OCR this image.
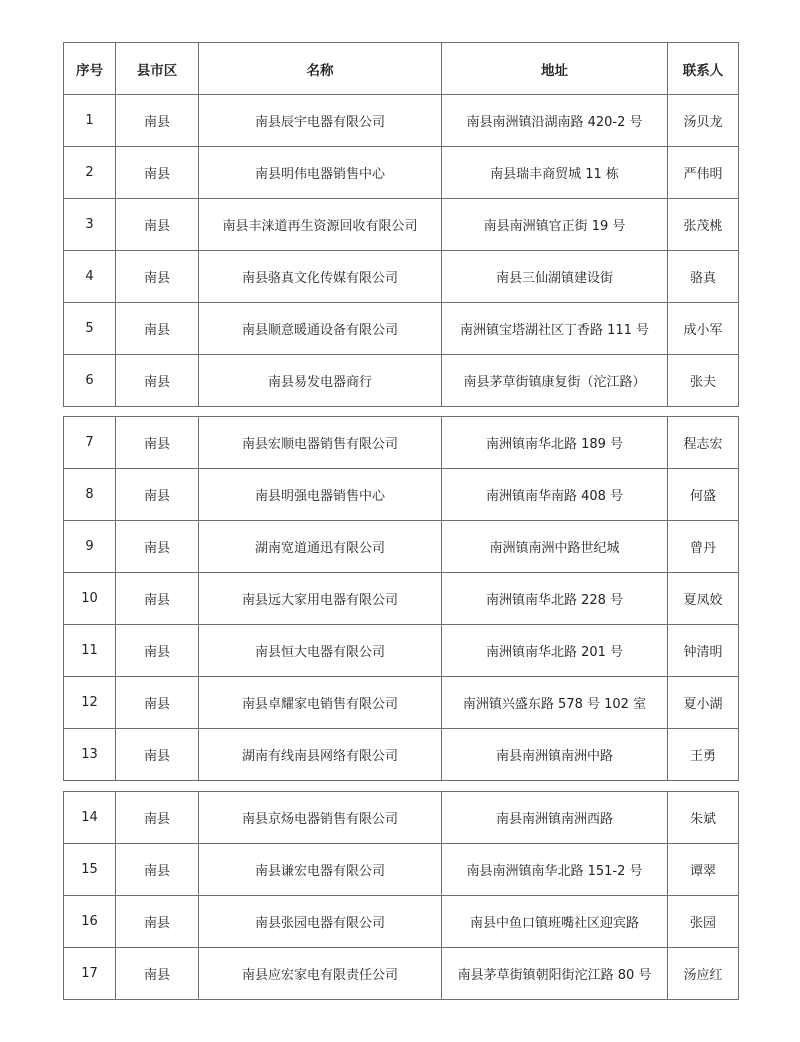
序号	县市区	名称	地址	联系人
1	南县	南县辰宇电器有限公司	南县南洲镇沿湖南路 420-2 号	汤贝龙
2	南县	南县明伟电器销售中心	南县瑞丰商贸城 11 栋	严伟明
3	南县	南县丰涞道再生资源回收有限公司	南县南洲镇官正街 19 号	张茂桃
4	南县	南县骆真文化传媒有限公司	南县三仙湖镇建设街	骆真
5	南县	南县顺意暖通设备有限公司	南洲镇宝塔湖社区丁香路 111 号	成小军
6	南县	南县易发电器商行	南县茅草街镇康复街（沱江路）	张夫
7	南县	南县宏顺电器销售有限公司	南洲镇南华北路 189 号	程志宏
8	南县	南县明强电器销售中心	南洲镇南华南路 408 号	何盛
9	南县	湖南宽道通迅有限公司	南洲镇南洲中路世纪城	曾丹
10	南县	南县远大家用电器有限公司	南洲镇南华北路 228 号	夏凤姣
11	南县	南县恒大电器有限公司	南洲镇南华北路 201 号	钟清明
12	南县	南县卓耀家电销售有限公司	南洲镇兴盛东路 578 号 102 室	夏小湖
13	南县	湖南有线南县网络有限公司	南县南洲镇南洲中路	王勇
14	南县	南县京炀电器销售有限公司	南县南洲镇南洲西路	朱斌
15	南县	南县谦宏电器有限公司	南县南洲镇南华北路 151-2 号	谭翠
16	南县	南县张园电器有限公司	南县中鱼口镇班嘴社区迎宾路	张园
17	南县	南县应宏家电有限责任公司	南县茅草街镇朝阳街沱江路 80 号	汤应红
